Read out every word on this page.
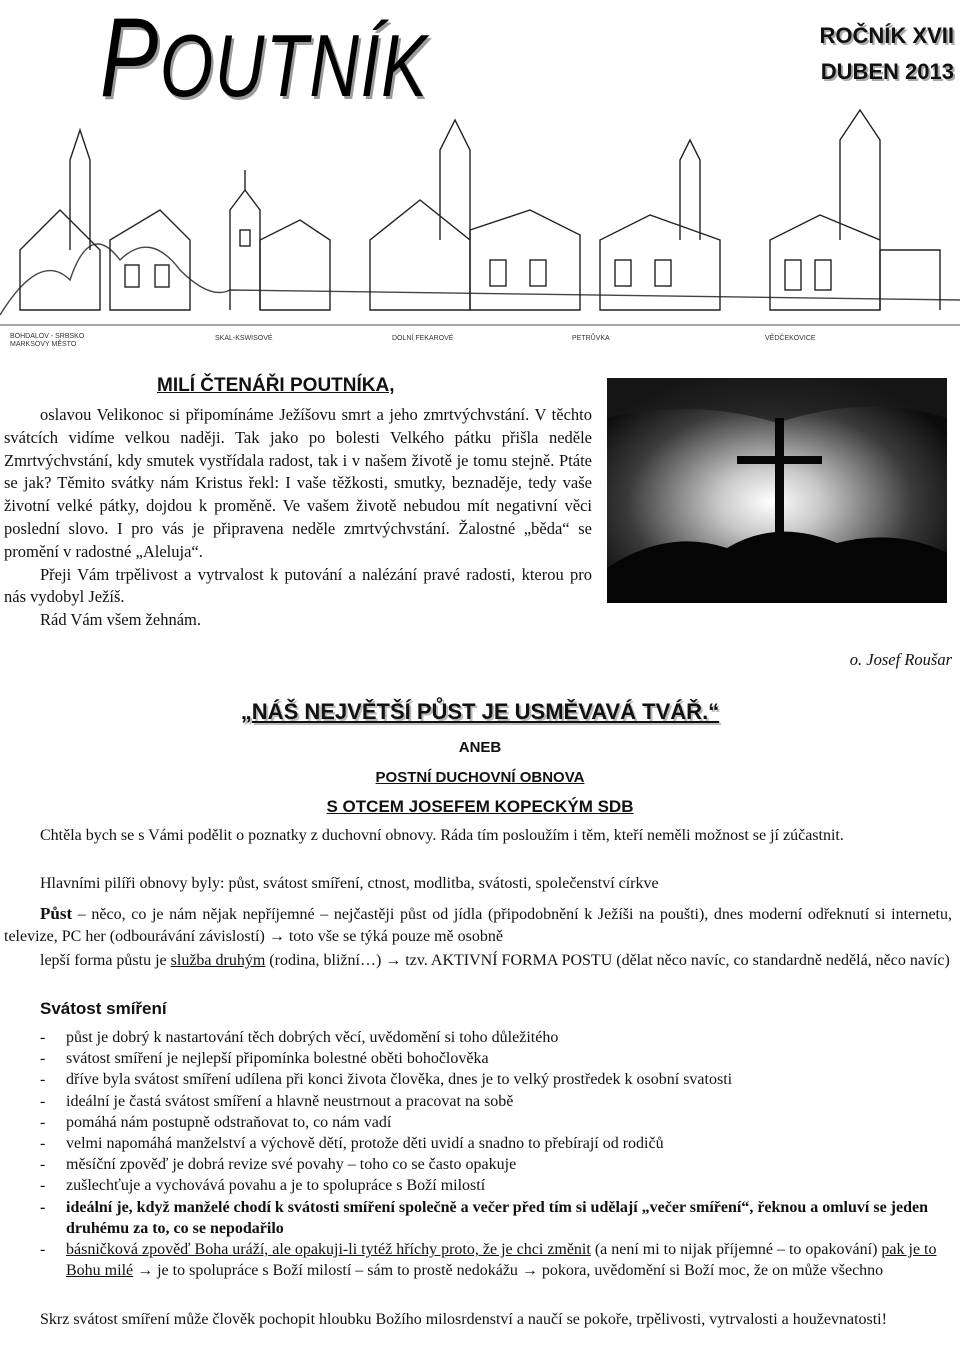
POUTNÍK	ROČNÍK XVII
DUBEN 2013
BOHDALOV - SRBSKO
MARKSOVY MĚSTO
SKAL-KSWISOVÉ	DOLNÍ FEKAROVÉ	PETRŮVKA	VĚDČEKOVICE
MILÍ ČTENÁŘI POUTNÍKA,

oslavou Velikonoc si připomínáme Ježíšovu smrt a jeho zmrtvýchvstání. V těchto svátcích vidíme velkou naději. Tak jako po bolesti Velkého pátku přišla neděle Zmrtvýchvstání, kdy smutek vystřídala radost, tak i v našem životě je tomu stejně. Ptáte se jak? Těmito svátky nám Kristus řekl: I vaše těžkosti, smutky, beznaděje, tedy vaše životní velké pátky, dojdou k proměně. Ve vašem životě nebudou mít negativní věci poslední slovo. I pro vás je připravena neděle zmrtvýchvstání. Žalostné „běda“ se promění v radostné „Aleluja“.

Přeji Vám trpělivost a vytrvalost k putování a nalézání pravé radosti, kterou pro nás vydobyl Ježíš.

Rád Vám všem žehnám.

o. Josef Roušar
„NÁŠ NEJVĚTŠÍ PŮST JE USMĚVAVÁ TVÁŘ.“
ANEB
POSTNÍ DUCHOVNÍ OBNOVA
S OTCEM JOSEFEM KOPECKÝM SDB

Chtěla bych se s Vámi podělit o poznatky z duchovní obnovy. Ráda tím posloužím i těm, kteří neměli možnost se jí zúčastnit.

Hlavními pilíři obnovy byly: půst, svátost smíření, ctnost, modlitba, svátosti, společenství církve

Půst – něco, co je nám nějak nepříjemné – nejčastěji půst od jídla (připodobnění k Ježíši na poušti), dnes moderní odřeknutí si internetu, televize, PC her (odbourávání závislostí) → toto vše se týká pouze mě osobně

lepší forma půstu je služba druhým (rodina, bližní…) → tzv. AKTIVNÍ FORMA POSTU (dělat něco navíc, co standardně nedělá, něco navíc)

Svátost smíření
- půst je dobrý k nastartování těch dobrých věcí, uvědomění si toho důležitého
- svátost smíření je nejlepší připomínka bolestné oběti bohočlověka
- dříve byla svátost smíření udílena při konci života člověka, dnes je to velký prostředek k osobní svatosti
- ideální je častá svátost smíření a hlavně neustrnout a pracovat na sobě
- pomáhá nám postupně odstraňovat to, co nám vadí
- velmi napomáhá manželství a výchově dětí, protože děti uvidí a snadno to přebírají od rodičů
- měsíční zpověď je dobrá revize své povahy – toho co se často opakuje
- zušlechťuje a vychovává povahu a je to spolupráce s Boží milostí
- ideální je, když manželé chodí k svátosti smíření společně a večer před tím si udělají „večer smíření“, řeknou a omluví se jeden druhému za to, co se nepodařilo
- básničková zpověď Boha uráží, ale opakuji-li tytéž hříchy proto, že je chci změnit (a není mi to nijak příjemné – to opakování) pak je to Bohu milé → je to spolupráce s Boží milostí – sám to prostě nedokážu → pokora, uvědomění si Boží moc, že on může všechno

Skrz svátost smíření může člověk pochopit hloubku Božího milosrdenství a naučí se pokoře, trpělivosti, vytrvalosti a houževnatosti!
